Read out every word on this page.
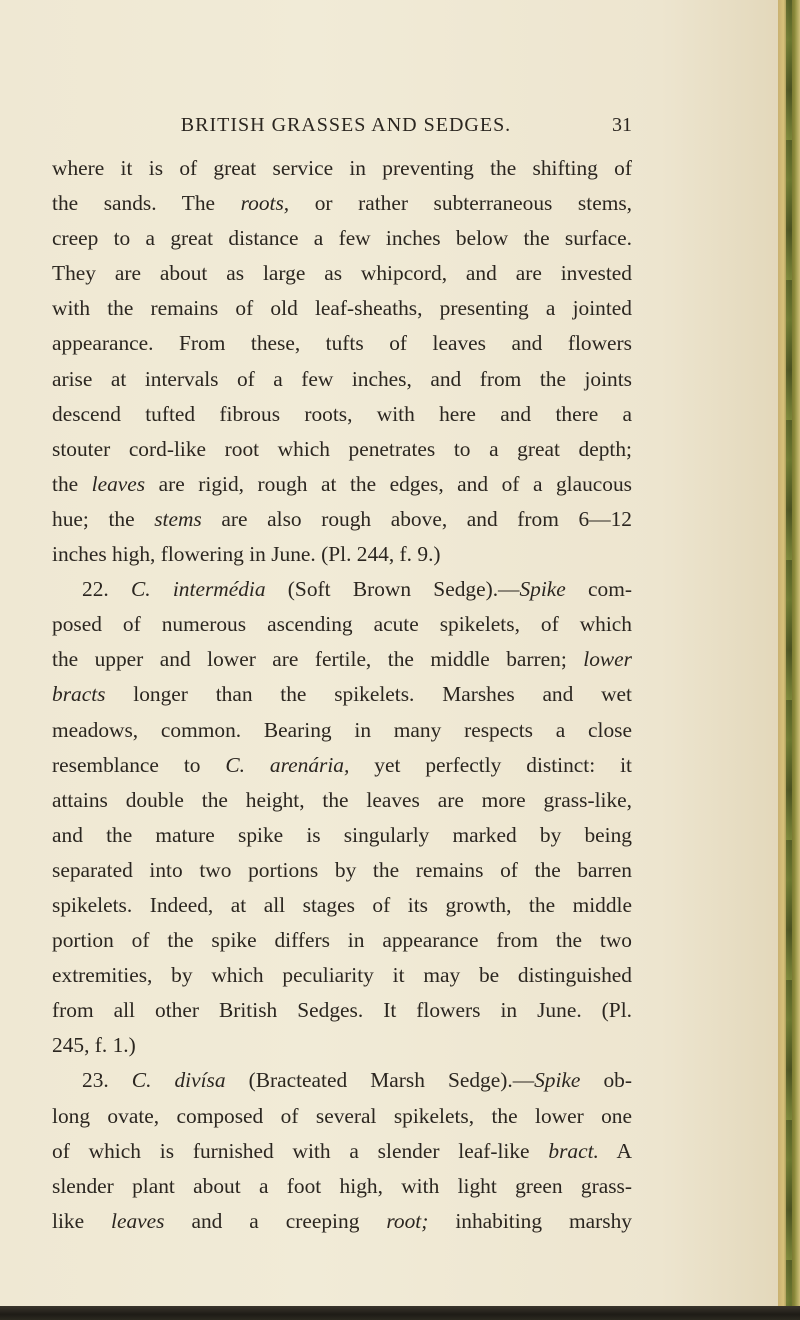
BRITISH GRASSES AND SEDGES.	31
where it is of great service in preventing the shifting of
the sands. The roots, or rather subterraneous stems,
creep to a great distance a few inches below the surface.
They are about as large as whipcord, and are invested
with the remains of old leaf-sheaths, presenting a jointed
appearance. From these, tufts of leaves and flowers
arise at intervals of a few inches, and from the joints
descend tufted fibrous roots, with here and there a
stouter cord-like root which penetrates to a great depth;
the leaves are rigid, rough at the edges, and of a glaucous
hue; the stems are also rough above, and from 6—12
inches high, flowering in June. (Pl. 244, f. 9.)
22. C. intermédia (Soft Brown Sedge).—Spike com-
posed of numerous ascending acute spikelets, of which
the upper and lower are fertile, the middle barren; lower
bracts longer than the spikelets. Marshes and wet
meadows, common. Bearing in many respects a close
resemblance to C. arenária, yet perfectly distinct: it
attains double the height, the leaves are more grass-like,
and the mature spike is singularly marked by being
separated into two portions by the remains of the barren
spikelets. Indeed, at all stages of its growth, the middle
portion of the spike differs in appearance from the two
extremities, by which peculiarity it may be distinguished
from all other British Sedges. It flowers in June. (Pl.
245, f. 1.)
23. C. divísa (Bracteated Marsh Sedge).—Spike ob-
long ovate, composed of several spikelets, the lower one
of which is furnished with a slender leaf-like bract. A
slender plant about a foot high, with light green grass-
like leaves and a creeping root; inhabiting marshy
